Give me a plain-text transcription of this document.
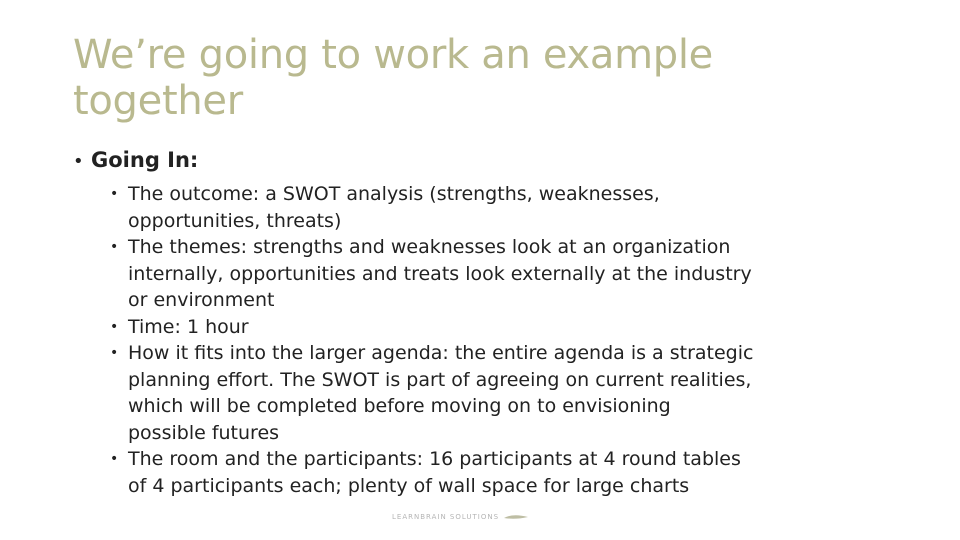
We’re going to work an example
together

• Going In:

• The outcome: a SWOT analysis (strengths, weaknesses,
opportunities, threats)
• The themes: strengths and weaknesses look at an organization
internally, opportunities and treats look externally at the industry
or environment
• Time: 1 hour
• How it fits into the larger agenda: the entire agenda is a strategic
planning effort. The SWOT is part of agreeing on current realities,
which will be completed before moving on to envisioning
possible futures
• The room and the participants: 16 participants at 4 round tables
of 4 participants each; plenty of wall space for large charts
LEARNBRAIN SOLUTIONS
